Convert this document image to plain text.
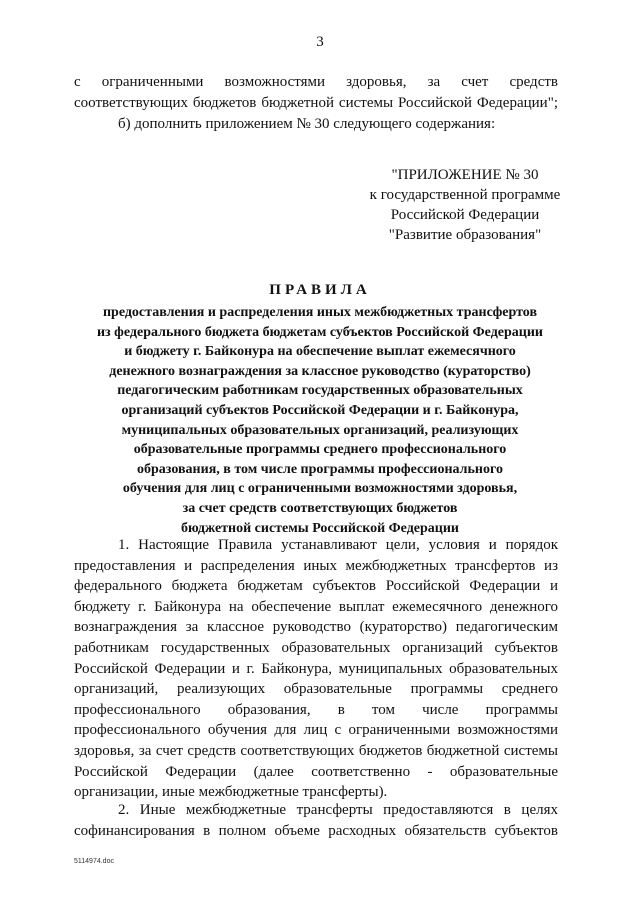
3
с ограниченными возможностями здоровья, за счет средств
соответствующих бюджетов бюджетной системы Российской Федерации";
б) дополнить приложением № 30 следующего содержания:
"ПРИЛОЖЕНИЕ № 30
к государственной программе
Российской Федерации
"Развитие образования"
ПРАВИЛА
предоставления и распределения иных межбюджетных трансфертов
из федерального бюджета бюджетам субъектов Российской Федерации
и бюджету г. Байконура на обеспечение выплат ежемесячного
денежного вознаграждения за классное руководство (кураторство)
педагогическим работникам государственных образовательных
организаций субъектов Российской Федерации и г. Байконура,
муниципальных образовательных организаций, реализующих
образовательные программы среднего профессионального
образования, в том числе программы профессионального
обучения для лиц с ограниченными возможностями здоровья,
за счет средств соответствующих бюджетов
бюджетной системы Российской Федерации
1. Настоящие Правила устанавливают цели, условия и порядок
предоставления и распределения иных межбюджетных трансфертов из
федерального бюджета бюджетам субъектов Российской Федерации и
бюджету г. Байконура на обеспечение выплат ежемесячного денежного
вознаграждения за классное руководство (кураторство) педагогическим
работникам государственных образовательных организаций субъектов
Российской Федерации и г. Байконура, муниципальных образовательных
организаций, реализующих образовательные программы среднего
профессионального образования, в том числе программы
профессионального обучения для лиц с ограниченными возможностями
здоровья, за счет средств соответствующих бюджетов бюджетной системы
Российской Федерации (далее соответственно - образовательные
организации, иные межбюджетные трансферты).
2. Иные межбюджетные трансферты предоставляются в целях
софинансирования в полном объеме расходных обязательств субъектов
5114974.doc
